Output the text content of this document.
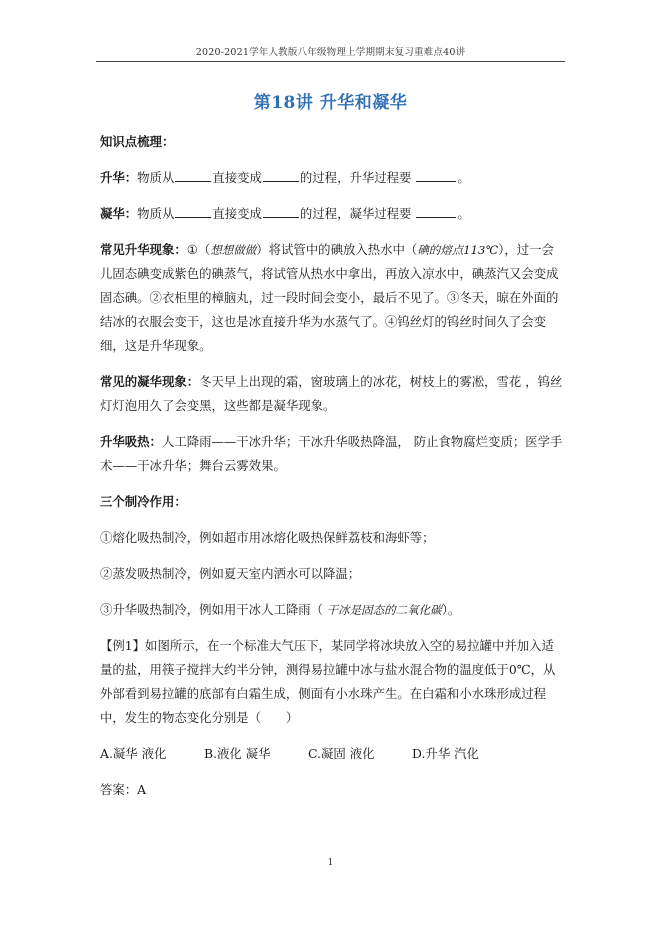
2020-2021学年人教版八年级物理上学期期末复习重难点40讲
第18讲 升华和凝华

知识点梳理：

升华：物质从	直接变成	的过程，升华过程要	。

凝华：物质从	直接变成	的过程，凝华过程要	。

常见升华现象：①（想想做做）将试管中的碘放入热水中（碘的熔点113℃），过一会儿固态碘变成紫色的碘蒸气，将试管从热水中拿出，再放入凉水中，碘蒸汽又会变成固态碘。②衣柜里的樟脑丸，过一段时间会变小，最后不见了。③冬天，晾在外面的结冰的衣服会变干，这也是冰直接升华为水蒸气了。④钨丝灯的钨丝时间久了会变细，这是升华现象。

常见的凝华现象：冬天早上出现的霜，窗玻璃上的冰花，树枝上的雾凇，雪花 ，钨丝灯灯泡用久了会变黑，这些都是凝华现象。

升华吸热：人工降雨——干冰升华；干冰升华吸热降温， 防止食物腐烂变质；医学手术——干冰升华；舞台云雾效果。

三个制冷作用：

①熔化吸热制冷，例如超市用冰熔化吸热保鲜荔枝和海虾等；

②蒸发吸热制冷，例如夏天室内洒水可以降温；

③升华吸热制冷，例如用干冰人工降雨（ 干冰是固态的二氧化碳）。

【例1】如图所示，在一个标准大气压下，某同学将冰块放入空的易拉罐中并加入适量的盐，用筷子搅拌大约半分钟，测得易拉罐中冰与盐水混合物的温度低于0℃，从外部看到易拉罐的底部有白霜生成，侧面有小水珠产生。在白霜和小水珠形成过程中，发生的物态变化分别是（　　）

A.凝华 液化	B.液化 凝华	C.凝固 液化	D.升华 汽化

答案：A

1
